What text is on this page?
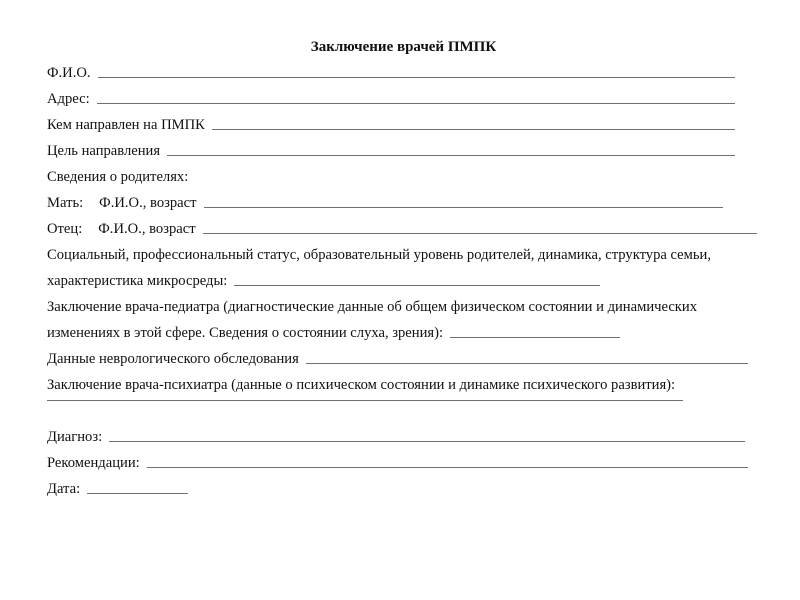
Заключение врачей ПМПК
Ф.И.О.
Адрес:
Кем направлен на ПМПК
Цель направления
Сведения о родителях:
Мать: Ф.И.О., возраст
Отец: Ф.И.О., возраст
Социальный, профессиональный статус, образовательный уровень родителей, динамика, структура семьи,
характеристика микросреды:
Заключение врача-педиатра (диагностические данные об общем физическом состоянии и динамических
изменениях в этой сфере. Сведения о состоянии слуха, зрения):
Данные неврологического обследования
Заключение врача-психиатра (данные о психическом состоянии и динамике психического развития):
Диагноз:
Рекомендации:
Дата:
